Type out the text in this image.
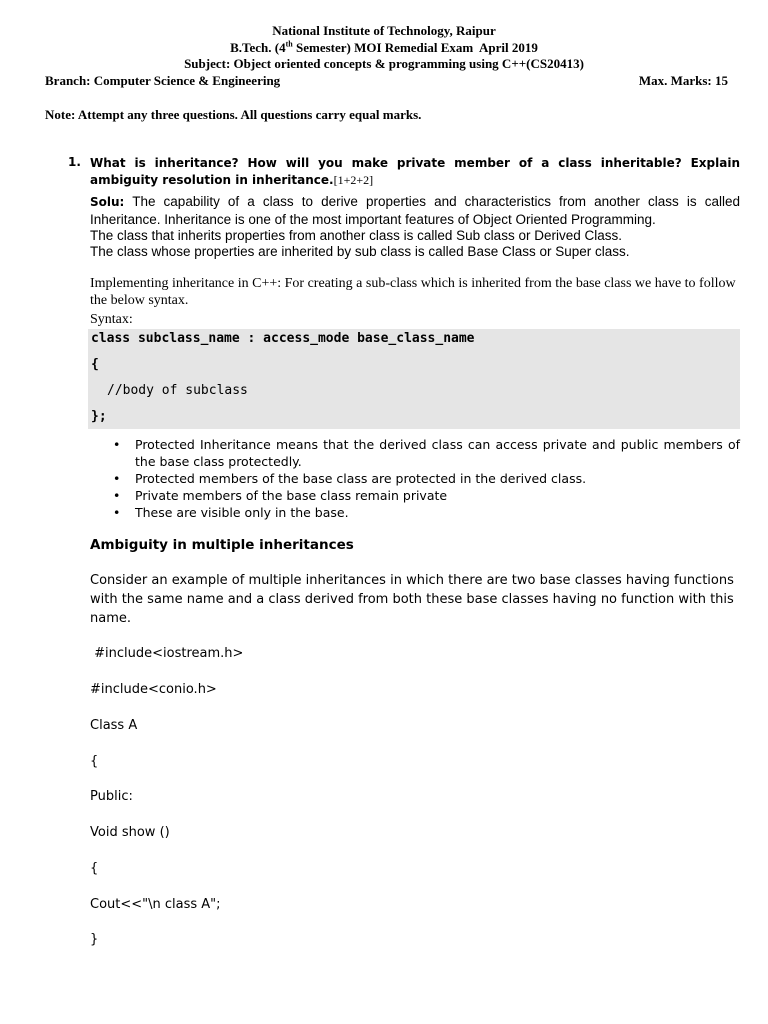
National Institute of Technology, Raipur
B.Tech. (4th Semester) MOI Remedial Exam  April 2019
Subject: Object oriented concepts & programming using C++(CS20413)
Branch: Computer Science & Engineering	Max. Marks: 15
Note: Attempt any three questions. All questions carry equal marks.
1. What is inheritance? How will you make private member of a class inheritable? Explain ambiguity resolution in inheritance.[1+2+2]
Solu: The capability of a class to derive properties and characteristics from another class is called Inheritance. Inheritance is one of the most important features of Object Oriented Programming.
The class that inherits properties from another class is called Sub class or Derived Class.
The class whose properties are inherited by sub class is called Base Class or Super class.
Implementing inheritance in C++: For creating a sub-class which is inherited from the base class we have to follow the below syntax.
Syntax:
class subclass_name : access_mode base_class_name
{
//body of subclass
};
• Protected Inheritance means that the derived class can access private and public members of the base class protectedly.
• Protected members of the base class are protected in the derived class.
• Private members of the base class remain private
• These are visible only in the base.
Ambiguity in multiple inheritances
Consider an example of multiple inheritances in which there are two base classes having functions with the same name and a class derived from both these base classes having no function with this name.
#include<iostream.h>
#include<conio.h>
Class A
{
Public:
Void show ()
{
Cout<<"\n class A";
}
